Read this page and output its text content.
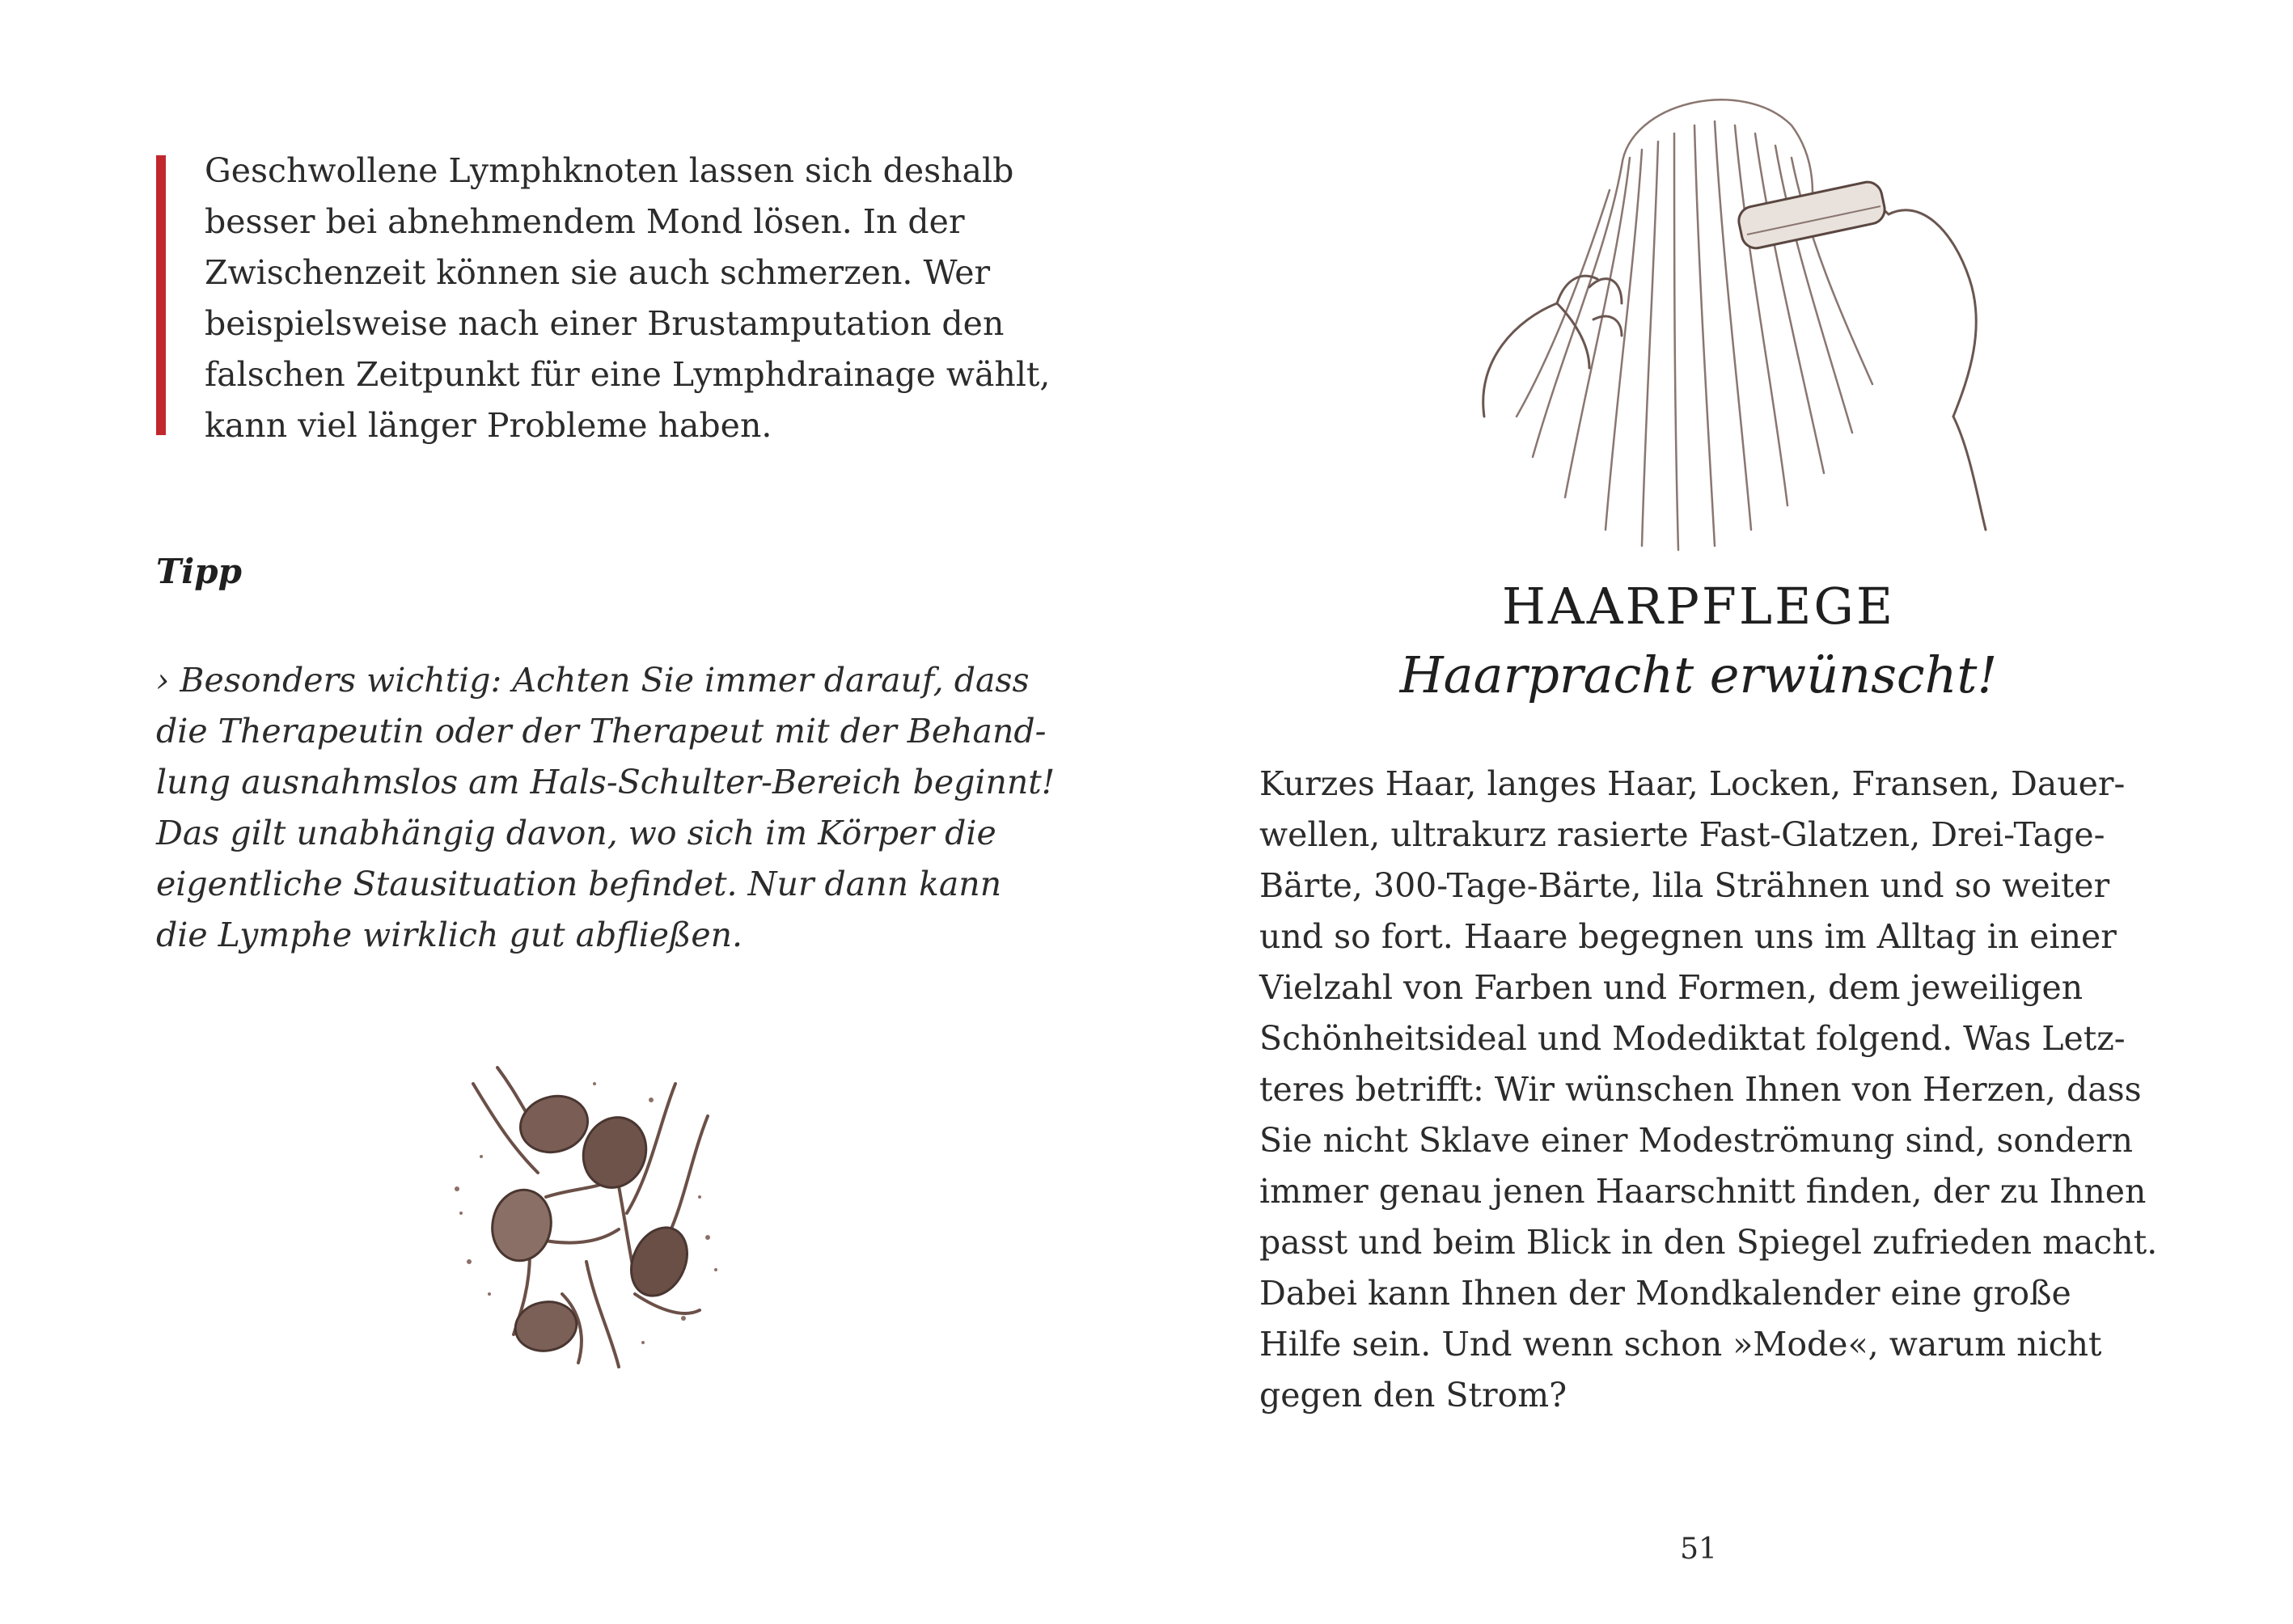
Geschwollene Lymphknoten lassen sich deshalb
besser bei abnehmendem Mond lösen. In der
Zwischenzeit können sie auch schmerzen. Wer
beispielsweise nach einer Brustamputation den
falschen Zeitpunkt für eine Lymphdrainage wählt,
kann viel länger Probleme haben.
Tipp
› Besonders wichtig: Achten Sie immer darauf, dass
die Therapeutin oder der Therapeut mit der Behand-
lung ausnahmslos am Hals-Schulter-Bereich beginnt!
Das gilt unabhängig davon, wo sich im Körper die
eigentliche Stausituation befindet. Nur dann kann
die Lymphe wirklich gut abfließen.
HAARPFLEGE
Haarpracht erwünscht!
Kurzes Haar, langes Haar, Locken, Fransen, Dauer-
wellen, ultrakurz rasierte Fast-Glatzen, Drei-Tage-
Bärte, 300-Tage-Bärte, lila Strähnen und so weiter
und so fort. Haare begegnen uns im Alltag in einer
Vielzahl von Farben und Formen, dem jeweiligen
Schönheitsideal und Modediktat folgend. Was Letz-
teres betrifft: Wir wünschen Ihnen von Herzen, dass
Sie nicht Sklave einer Modeströmung sind, sondern
immer genau jenen Haarschnitt finden, der zu Ihnen
passt und beim Blick in den Spiegel zufrieden macht.
Dabei kann Ihnen der Mondkalender eine große
Hilfe sein. Und wenn schon »Mode«, warum nicht
gegen den Strom?
51
